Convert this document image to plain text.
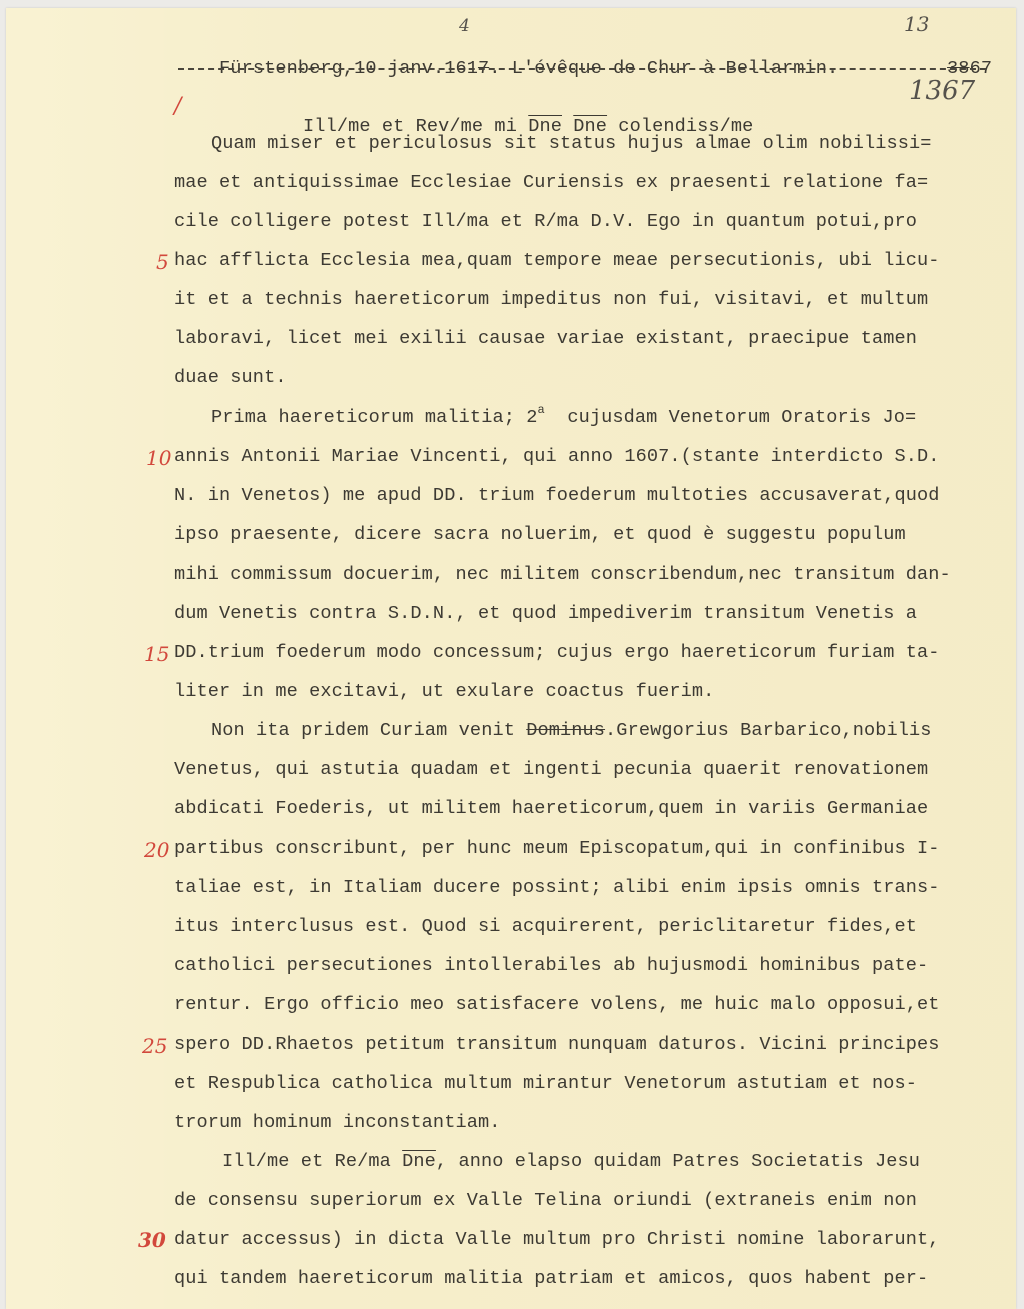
Fürstenberg,10 janv.1617. L'évêque de Chur à Bellarmin.

4

3867

13
1367
/
5
10
15
20
25
30

Ill/me et Rev/me mi $\overline{Dne}$ $\overline{Dne}$ colendiss/me

Quam miser et periculosus sit status hujus almae olim nobilissi=
mae et antiquissimae Ecclesiae Curiensis ex praesenti relatione fa=
cile colligere potest Ill/ma et R/ma D.V. Ego in quantum potui,pro
hac afflicta Ecclesia mea,quam tempore meae persecutionis, ubi licu-
it et a technis haereticorum impeditus non fui, visitavi, et multum
laboravi, licet mei exilii causae variae existant, praecipue tamen
duae sunt.
Prima haereticorum malitia; 2$^a$  cujusdam Venetorum Oratoris Jo=
annis Antonii Mariae Vincenti, qui anno 1607.(stante interdicto S.D.
N. in Venetos) me apud DD. trium foederum multoties accusaverat,quod
ipso praesente, dicere sacra noluerim, et quod è suggestu populum
mihi commissum docuerim, nec militem conscribendum,nec transitum dan-
dum Venetis contra S.D.N., et quod impediverim transitum Venetis a
DD.trium foederum modo concessum; cujus ergo haereticorum furiam ta-
liter in me excitavi, ut exulare coactus fuerim.
Non ita pridem Curiam venit Dominus.Grewgorius Barbarico,nobilis
Venetus, qui astutia quadam et ingenti pecunia quaerit renovationem
abdicati Foederis, ut militem haereticorum,quem in variis Germaniae
partibus conscribunt, per hunc meum Episcopatum,qui in confinibus I-
taliae est, in Italiam ducere possint; alibi enim ipsis omnis trans-
itus interclusus est. Quod si acquirerent, periclitaretur fides,et
catholici persecutiones intollerabiles ab hujusmodi hominibus pate-
rentur. Ergo officio meo satisfacere volens, me huic malo opposui,et
spero DD.Rhaetos petitum transitum nunquam daturos. Vicini principes
et Respublica catholica multum mirantur Venetorum astutiam et nos-
trorum hominum inconstantiam.
Ill/me et Re/ma $\overline{Dne}$, anno elapso quidam Patres Societatis Jesu
de consensu superiorum ex Valle Telina oriundi (extraneis enim non
datur accessus) in dicta Valle multum pro Christi nomine laborarunt,
qui tandem haereticorum malitia patriam et amicos, quos habent per-
